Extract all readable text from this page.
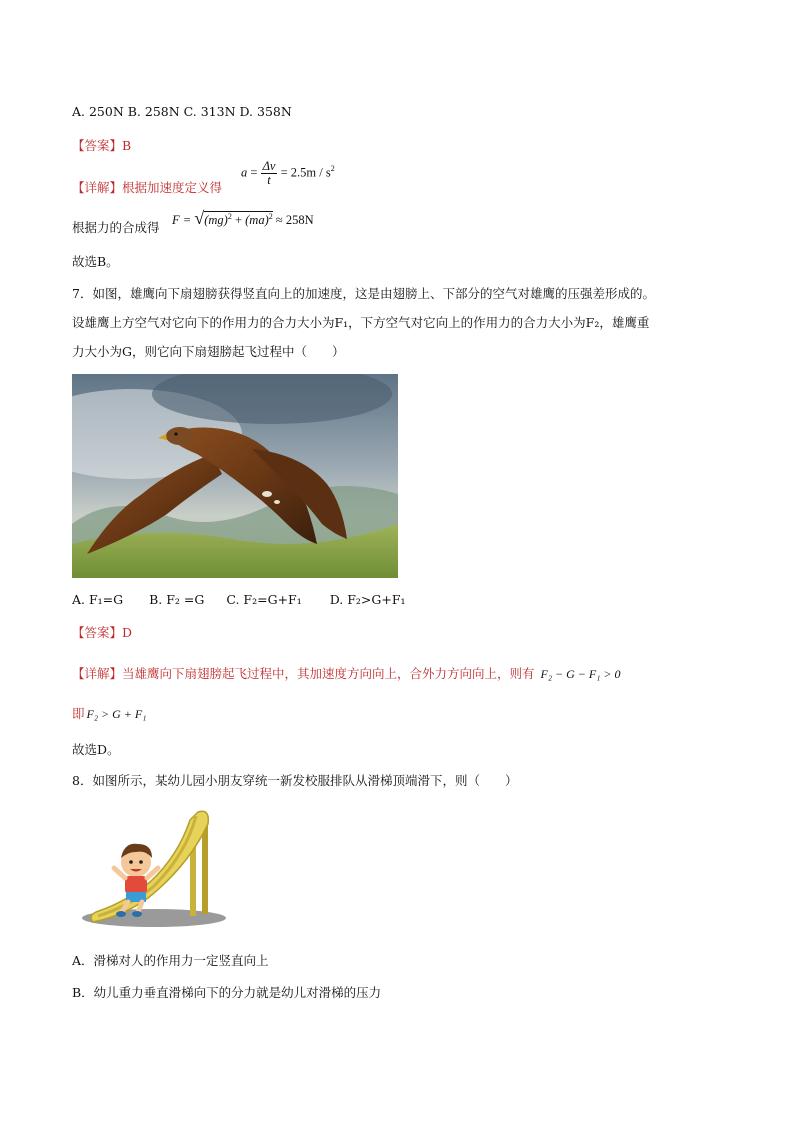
A. 250N B. 258N C. 313N D. 358N
【答案】B
【详解】根据加速度定义得
$a = \frac{\Delta v}{t} = 2.5m / s^2$
根据力的合成得 F = √(mg)$^2$ + (ma)$^2$ ≈ 258N
故选B。
7．如图，雄鹰向下扇翅膀获得竖直向上的加速度，这是由翅膀上、下部分的空气对雄鹰的压强差形成的。
设雄鹰上方空气对它向下的作用力的合力大小为F₁，下方空气对它向上的作用力的合力大小为F₂，雄鹰重
力大小为G，则它向下扇翅膀起飞过程中（　　）
A. F₁=G B. F₂ =G C. F₂=G+F₁ D. F₂>G+F₁
【答案】D
【详解】当雄鹰向下扇翅膀起飞过程中，其加速度方向向上，合外力方向向上，则有 F₂ − G − F₁ > 0
即 F₂ > G + F₁
故选D。
8．如图所示，某幼儿园小朋友穿统一新发校服排队从滑梯顶端滑下，则（　　）
A．滑梯对人的作用力一定竖直向上
B．幼儿重力垂直滑梯向下的分力就是幼儿对滑梯的压力
